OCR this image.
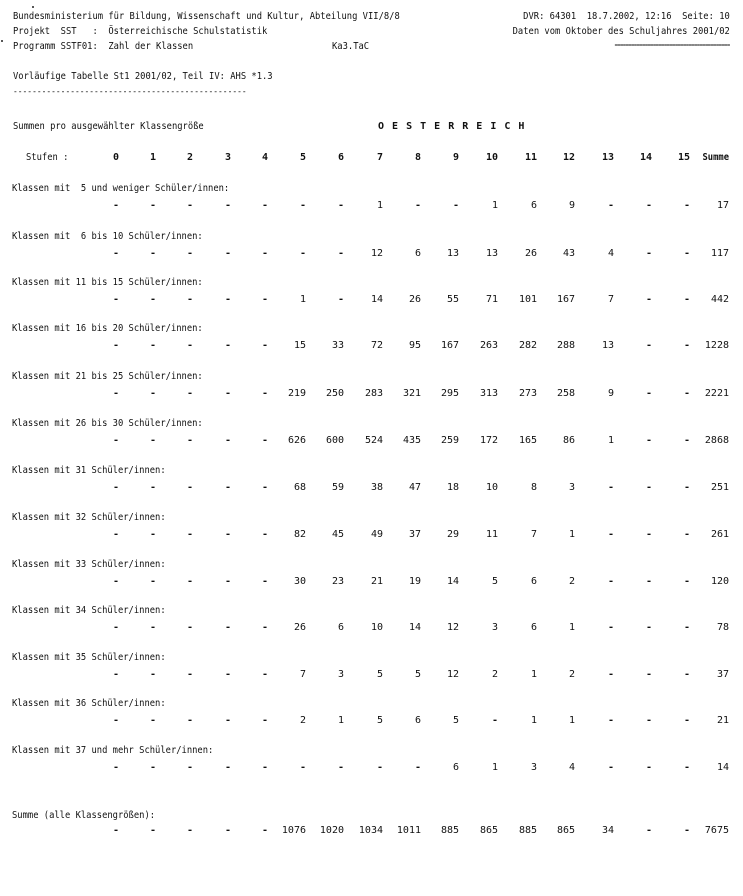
Bundesministerium für Bildung, Wissenschaft und Kultur, Abteilung VII/8/8	DVR: 64301  18.7.2002, 12:16  Seite: 10
Projekt  SST   :  Österreichische Schulstatistik	Daten vom Oktober des Schuljahres 2001/02
Programm SSTF01:  Zahl der Klassen	Ka3.TaC	==========================================
Vorläufige Tabelle St1 2001/02, Teil IV: AHS *1.3
-------------------------------------------------
Summen pro ausgewählter Klassengröße	O E S T E R R E I C H
Stufen :	0	1	2	3	4	5	6	7	8	9	10	11	12	13	14	15	Summe
Klassen mit  5 und weniger Schüler/innen:
-	-	-	-	-	-	-	1	-	-	1	6	9	-	-	-	17
Klassen mit  6 bis 10 Schüler/innen:
-	-	-	-	-	-	-	12	6	13	13	26	43	4	-	-	117
Klassen mit 11 bis 15 Schüler/innen:
-	-	-	-	-	1	-	14	26	55	71	101	167	7	-	-	442
Klassen mit 16 bis 20 Schüler/innen:
-	-	-	-	-	15	33	72	95	167	263	282	288	13	-	-	1228
Klassen mit 21 bis 25 Schüler/innen:
-	-	-	-	-	219	250	283	321	295	313	273	258	9	-	-	2221
Klassen mit 26 bis 30 Schüler/innen:
-	-	-	-	-	626	600	524	435	259	172	165	86	1	-	-	2868
Klassen mit 31 Schüler/innen:
-	-	-	-	-	68	59	38	47	18	10	8	3	-	-	-	251
Klassen mit 32 Schüler/innen:
-	-	-	-	-	82	45	49	37	29	11	7	1	-	-	-	261
Klassen mit 33 Schüler/innen:
-	-	-	-	-	30	23	21	19	14	5	6	2	-	-	-	120
Klassen mit 34 Schüler/innen:
-	-	-	-	-	26	6	10	14	12	3	6	1	-	-	-	78
Klassen mit 35 Schüler/innen:
-	-	-	-	-	7	3	5	5	12	2	1	2	-	-	-	37
Klassen mit 36 Schüler/innen:
-	-	-	-	-	2	1	5	6	5	-	1	1	-	-	-	21
Klassen mit 37 und mehr Schüler/innen:
-	-	-	-	-	-	-	-	-	6	1	3	4	-	-	-	14
Summe (alle Klassengrößen):
-	-	-	-	-	1076	1020	1034	1011	885	865	885	865	34	-	-	7675
